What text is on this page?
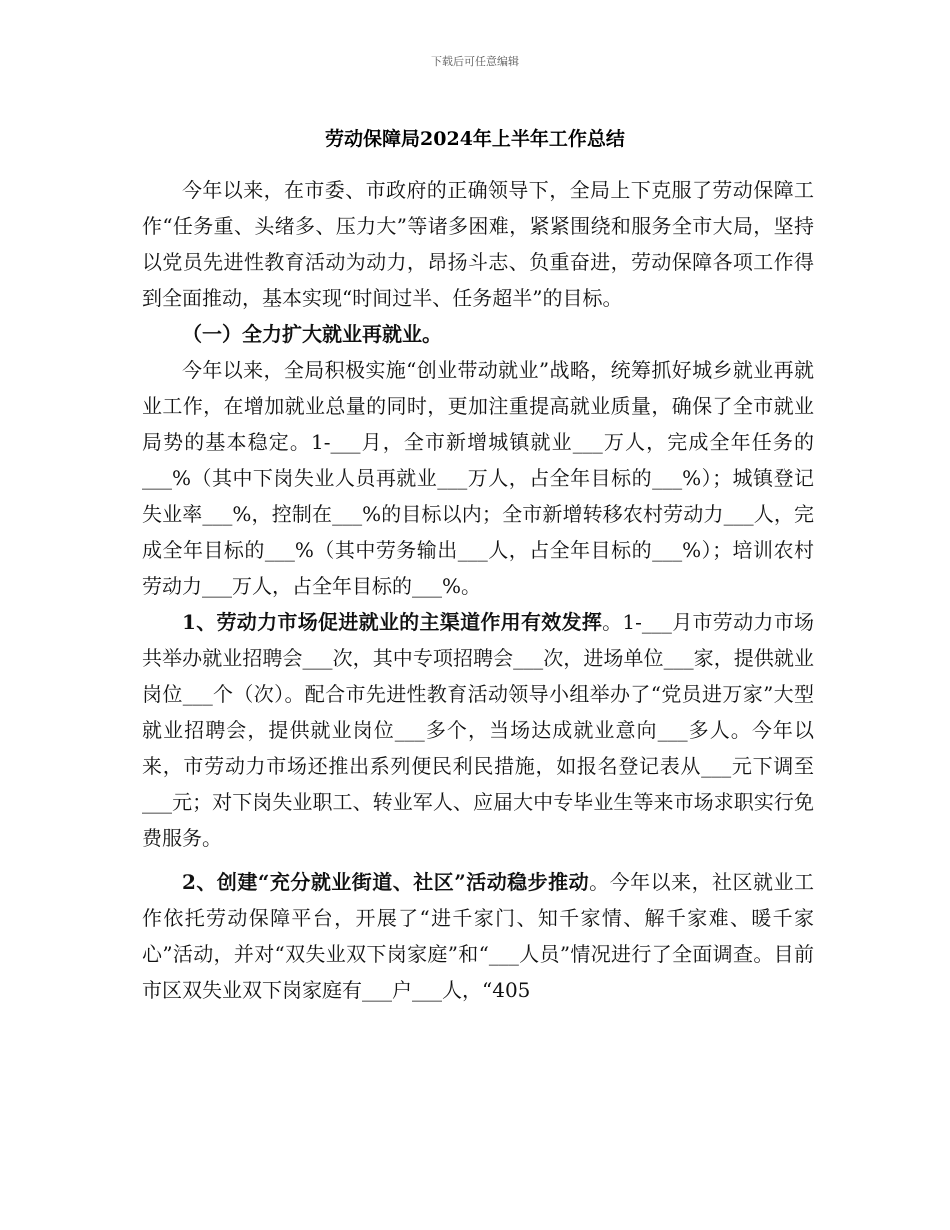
下载后可任意编辑
劳动保障局2024年上半年工作总结

今年以来，在市委、市政府的正确领导下，全局上下克服了劳动保障工作“任务重、头绪多、压力大”等诸多困难，紧紧围绕和服务全市大局，坚持以党员先进性教育活动为动力，昂扬斗志、负重奋进，劳动保障各项工作得到全面推动，基本实现“时间过半、任务超半”的目标。

（一）全力扩大就业再就业。

今年以来，全局积极实施“创业带动就业”战略，统筹抓好城乡就业再就业工作，在增加就业总量的同时，更加注重提高就业质量，确保了全市就业局势的基本稳定。1-___月，全市新增城镇就业___万人，完成全年任务的___%（其中下岗失业人员再就业___万人，占全年目标的___%）；城镇登记失业率___%，控制在___%的目标以内；全市新增转移农村劳动力___人，完成全年目标的___%（其中劳务输出___人，占全年目标的___%）；培训农村劳动力___万人，占全年目标的___%。

1、劳动力市场促进就业的主渠道作用有效发挥。1-___月市劳动力市场共举办就业招聘会___次，其中专项招聘会___次，进场单位___家，提供就业岗位___个（次）。配合市先进性教育活动领导小组举办了“党员进万家”大型就业招聘会，提供就业岗位___多个，当场达成就业意向___多人。今年以来，市劳动力市场还推出系列便民利民措施，如报名登记表从___元下调至___元；对下岗失业职工、转业军人、应届大中专毕业生等来市场求职实行免费服务。

2、创建“充分就业街道、社区”活动稳步推动。今年以来，社区就业工作依托劳动保障平台，开展了“进千家门、知千家情、解千家难、暖千家心”活动，并对“双失业双下岗家庭”和“___人员”情况进行了全面调查。目前市区双失业双下岗家庭有___户___人，“405
